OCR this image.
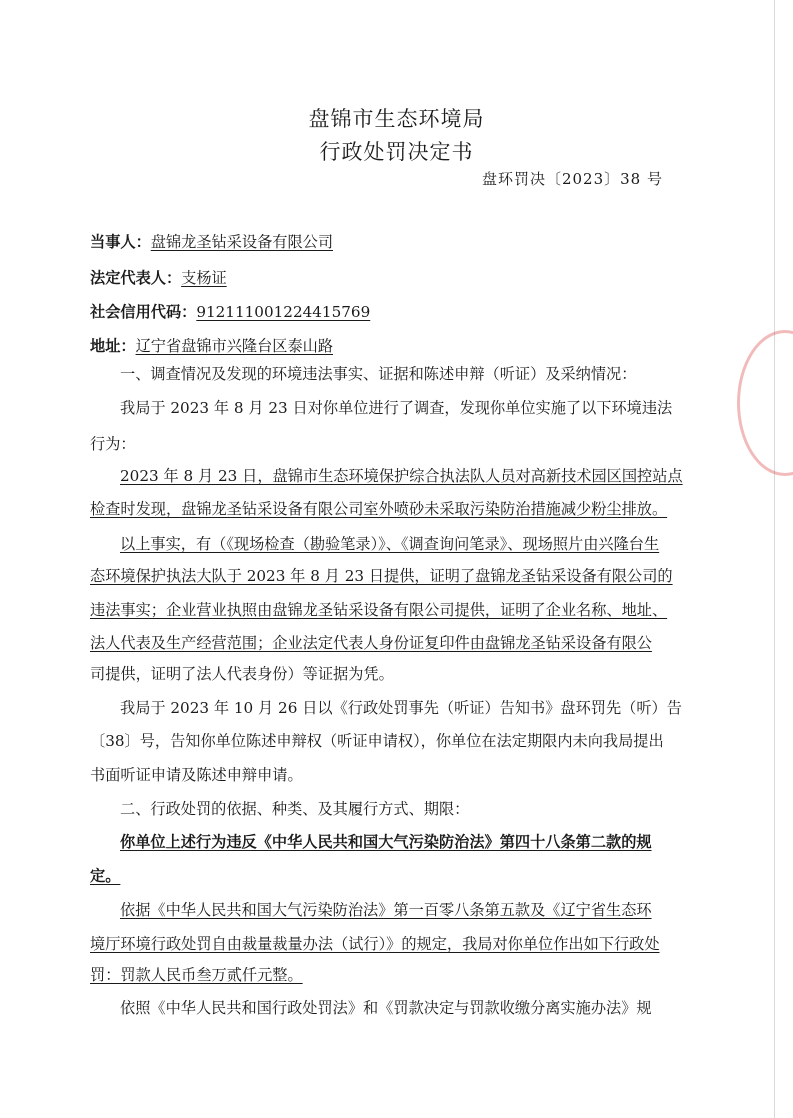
盘锦市生态环境局
行政处罚决定书
盘环罚决〔2023〕38 号
当事人：盘锦龙圣钻采设备有限公司
法定代表人：支杨证
社会信用代码：912111001224415769
地址：辽宁省盘锦市兴隆台区泰山路
一、调查情况及发现的环境违法事实、证据和陈述申辩（听证）及采纳情况：
我局于 2023 年 8 月 23 日对你单位进行了调查，发现你单位实施了以下环境违法
行为：
2023 年 8 月 23 日，盘锦市生态环境保护综合执法队人员对高新技术园区国控站点
检查时发现，盘锦龙圣钻采设备有限公司室外喷砂未采取污染防治措施减少粉尘排放。
以上事实，有（《现场检查（勘验笔录）》、《调查询问笔录》、现场照片由兴隆台生
态环境保护执法大队于 2023 年 8 月 23 日提供，证明了盘锦龙圣钻采设备有限公司的
违法事实；企业营业执照由盘锦龙圣钻采设备有限公司提供，证明了企业名称、地址、
法人代表及生产经营范围；企业法定代表人身份证复印件由盘锦龙圣钻采设备有限公
司提供，证明了法人代表身份）等证据为凭。
我局于 2023 年 10 月 26 日以《行政处罚事先（听证）告知书》盘环罚先（听）告
〔38〕号，告知你单位陈述申辩权（听证申请权），你单位在法定期限内未向我局提出
书面听证申请及陈述申辩申请。
二、行政处罚的依据、种类、及其履行方式、期限：
你单位上述行为违反《中华人民共和国大气污染防治法》第四十八条第二款的规
定。
依据《中华人民共和国大气污染防治法》第一百零八条第五款及《辽宁省生态环
境厅环境行政处罚自由裁量裁量办法（试行）》的规定，我局对你单位作出如下行政处
罚：罚款人民币叁万贰仟元整。
依照《中华人民共和国行政处罚法》和《罚款决定与罚款收缴分离实施办法》规
